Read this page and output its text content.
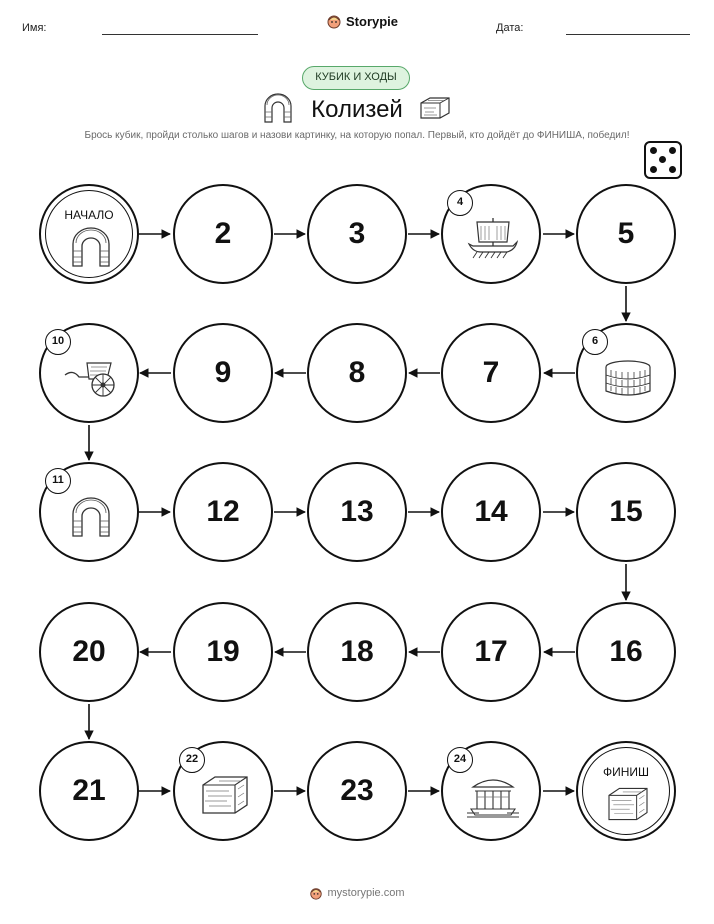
Имя:	Storypie	Дата:
КУБИК И ХОДЫ
Колизей
Брось кубик, пройди столько шагов и назови картинку, на которую попал. Первый, кто дойдёт до ФИНИША, победил!
НАЧАЛО
2	3
4
5
6
7
8
9
10
11
12	13	14	15
16
17
18
19
20
21
22
23
24
ФИНИШ
mystorypie.com
